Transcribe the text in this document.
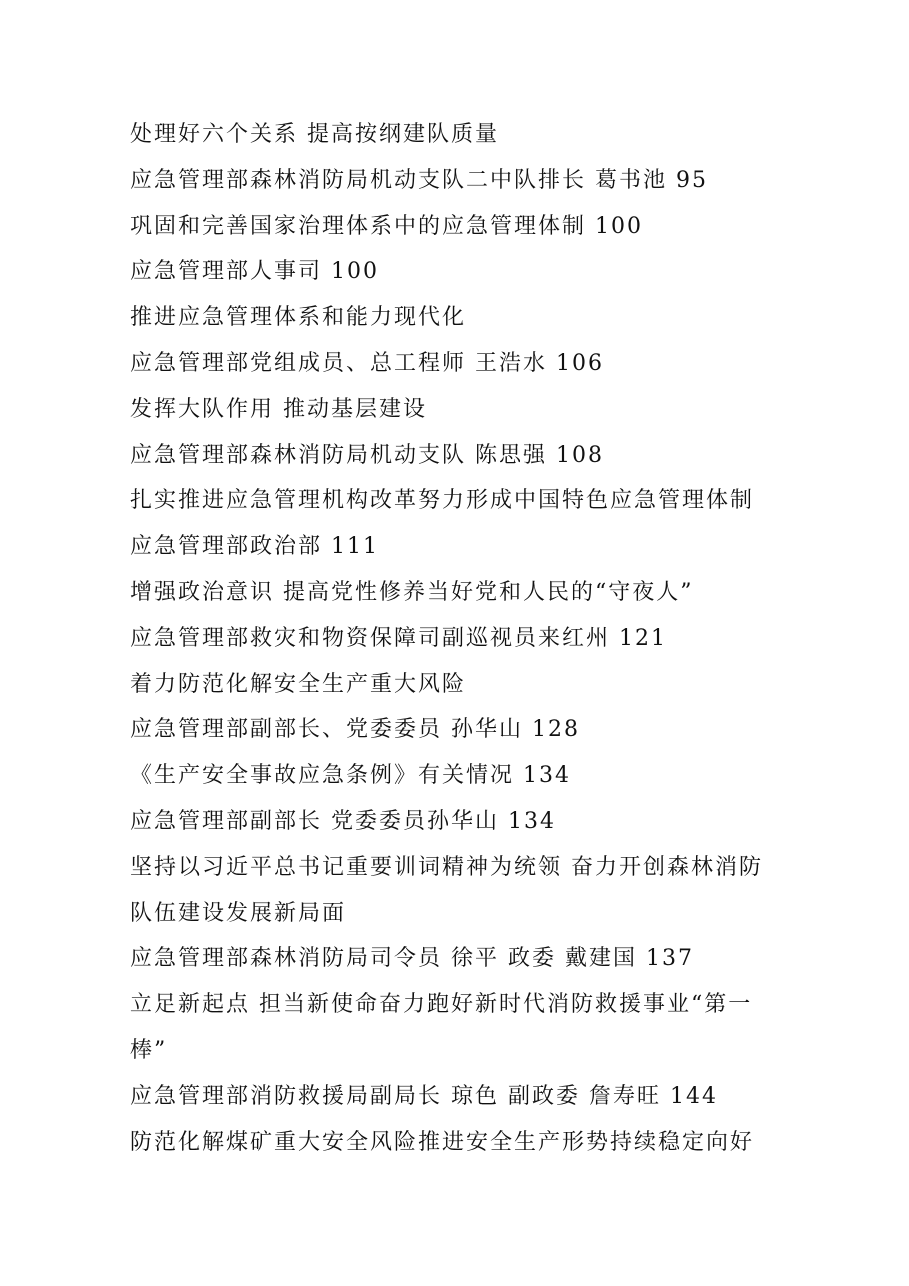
处理好六个关系 提高按纲建队质量
应急管理部森林消防局机动支队二中队排长 葛书池 95
巩固和完善国家治理体系中的应急管理体制 100
应急管理部人事司 100
推进应急管理体系和能力现代化
应急管理部党组成员、总工程师 王浩水 106
发挥大队作用 推动基层建设
应急管理部森林消防局机动支队 陈思强 108
扎实推进应急管理机构改革努力形成中国特色应急管理体制
应急管理部政治部 111
增强政治意识 提高党性修养当好党和人民的“守夜人”
应急管理部救灾和物资保障司副巡视员来红州 121
着力防范化解安全生产重大风险
应急管理部副部长、党委委员 孙华山 128
《生产安全事故应急条例》有关情况 134
应急管理部副部长 党委委员孙华山 134
坚持以习近平总书记重要训词精神为统领 奋力开创森林消防
队伍建设发展新局面
应急管理部森林消防局司令员 徐平 政委 戴建国 137
立足新起点 担当新使命奋力跑好新时代消防救援事业“第一
棒”
应急管理部消防救援局副局长 琼色 副政委 詹寿旺 144
防范化解煤矿重大安全风险推进安全生产形势持续稳定向好
